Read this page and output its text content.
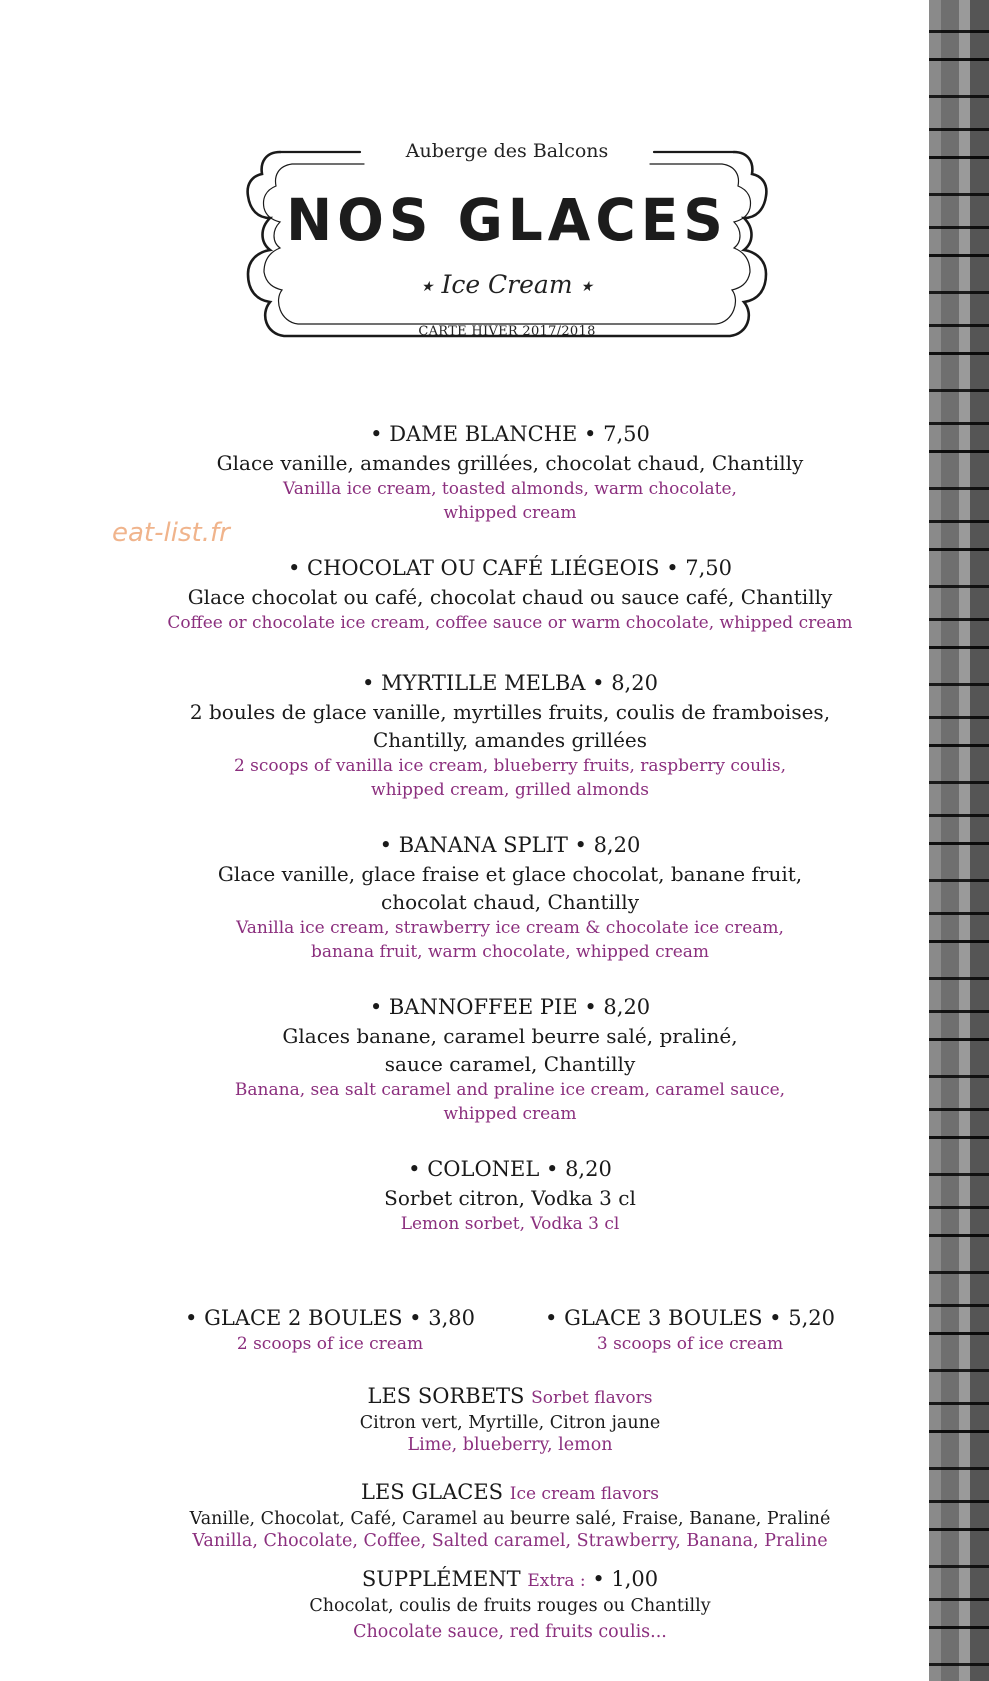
Auberge des Balcons
NOS GLACES
★ Ice Cream ★
CARTE HIVER 2017/2018
eat-list.fr
• DAME BLANCHE • 7,50
Glace vanille, amandes grillées, chocolat chaud, Chantilly
Vanilla ice cream, toasted almonds, warm chocolate,
whipped cream
• CHOCOLAT OU CAFÉ LIÉGEOIS • 7,50
Glace chocolat ou café, chocolat chaud ou sauce café, Chantilly
Coffee or chocolate ice cream, coffee sauce or warm chocolate, whipped cream
• MYRTILLE MELBA • 8,20
2 boules de glace vanille, myrtilles fruits, coulis de framboises,
Chantilly, amandes grillées
2 scoops of vanilla ice cream, blueberry fruits, raspberry coulis,
whipped cream, grilled almonds
• BANANA SPLIT • 8,20
Glace vanille, glace fraise et glace chocolat, banane fruit,
chocolat chaud, Chantilly
Vanilla ice cream, strawberry ice cream & chocolate ice cream,
banana fruit, warm chocolate, whipped cream
• BANNOFFEE PIE • 8,20
Glaces banane, caramel beurre salé, praliné,
sauce caramel, Chantilly
Banana, sea salt caramel and praline ice cream, caramel sauce,
whipped cream
• COLONEL • 8,20
Sorbet citron, Vodka 3 cl
Lemon sorbet, Vodka 3 cl
• GLACE 2 BOULES • 3,80
2 scoops of ice cream
• GLACE 3 BOULES • 5,20
3 scoops of ice cream
LES SORBETS Sorbet flavors
Citron vert, Myrtille, Citron jaune
Lime, blueberry, lemon
LES GLACES Ice cream flavors
Vanille, Chocolat, Café, Caramel au beurre salé, Fraise, Banane, Praliné
Vanilla, Chocolate, Coffee, Salted caramel, Strawberry, Banana, Praline
SUPPLÉMENT Extra : • 1,00
Chocolat, coulis de fruits rouges ou Chantilly
Chocolate sauce, red fruits coulis...
